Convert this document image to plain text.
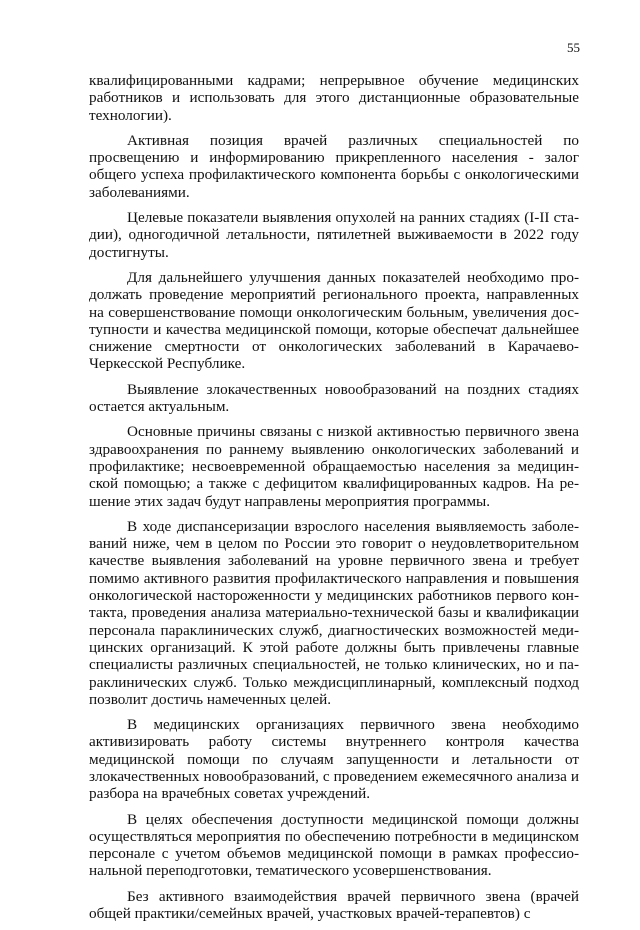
55

квалифицированными кадрами; непрерывное обучение медицинских работников и использовать для этого дистанционные образовательные технологии).

Активная позиция врачей различных специальностей по просвещению и информированию прикрепленного населения - залог общего успеха профилактического компонента борьбы с онкологическими заболеваниями.

Целевые показатели выявления опухолей на ранних стадиях (I-II стадии), одногодичной летальности, пятилетней выживаемости в 2022 году достигнуты.

Для дальнейшего улучшения данных показателей необходимо продолжать проведение мероприятий регионального проекта, направленных на совершенствование помощи онкологическим больным, увеличения доступности и качества медицинской помощи, которые обеспечат дальнейшее снижение смертности от онкологических заболеваний в Карачаево-Черкесской Республике.

Выявление злокачественных новообразований на поздних стадиях остается актуальным.

Основные причины связаны с низкой активностью первичного звена здравоохранения по раннему выявлению онкологических заболеваний и профилактике; несвоевременной обращаемостью населения за медицинской помощью; а также с дефицитом квалифицированных кадров. На решение этих задач будут направлены мероприятия программы.

В ходе диспансеризации взрослого населения выявляемость заболеваний ниже, чем в целом по России это говорит о неудовлетворительном качестве выявления заболеваний на уровне первичного звена и требует помимо активного развития профилактического направления и повышения онкологической настороженности у медицинских работников первого контакта, проведения анализа материально-технической базы и квалификации персонала параклинических служб, диагностических возможностей медицинских организаций. К этой работе должны быть привлечены главные специалисты различных специальностей, не только клинических, но и параклинических служб. Только междисциплинарный, комплексный подход позволит достичь намеченных целей.

В медицинских организациях первичного звена необходимо активизировать работу системы внутреннего контроля качества медицинской помощи по случаям запущенности и летальности от злокачественных новообразований, с проведением ежемесячного анализа и разбора на врачебных советах учреждений.

В целях обеспечения доступности медицинской помощи должны осуществляться мероприятия по обеспечению потребности в медицинском персонале с учетом объемов медицинской помощи в рамках профессиональной переподготовки, тематического усовершенствования.

Без активного взаимодействия врачей первичного звена (врачей общей практики/семейных врачей, участковых врачей-терапевтов) с
